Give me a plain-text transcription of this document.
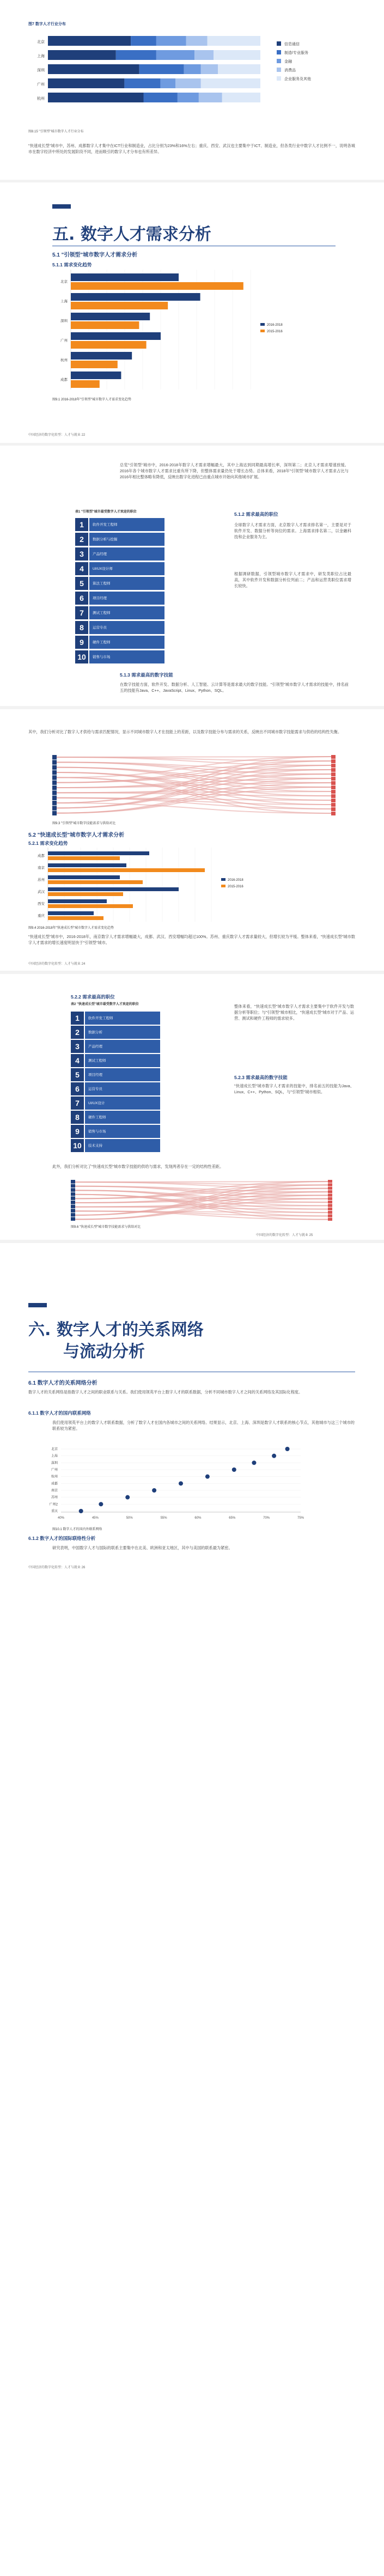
图7 数字人才行业分布
北京
上海
深圳
广州
杭州
信息通信
制造/专业服务
金融
消费品
企业服务及其他
图8.15 "引领型"城市数字人才行业分布
"快速成长型"城市中，苏州、成都数字人才集中在ICT行业和制造业，占比分别为23%和16%左右；重庆、西安、武汉也主要集中于ICT、制造业，但各类行业中数字人才比例不一，说明各城市在数字经济中所处的发展阶段不同，进而吸引的数字人才分布也有所差异。
五. 数字人才需求分析
5.1 "引领型"城市数字人才需求分析
5.1.1 需求变化趋势
北京
上海
深圳
广州
杭州
成都
2016-2018
2015-2016
图9.1 2016-2018年"引领型"城市数字人才需求变化趋势
中国经济的数字化转型：人才与就业 22
总览"引领型"城市中，2016-2018年数字人才需求增幅最大，其中上海达到同期最高增长率，深圳第二；北京人才需求增速放缓。2016年各个城市数字人才需求比重有所下降，但整体需求量仍处于增长态势。总体来看，2018年"引领型"城市数字人才需求占比与2016年相比整体略有降低，反映出数字化进程已由重点城市开始向其他城市扩展。
表1 "引领型"城市最受数字人才欢迎的职位
1	软件开发工程师
2	数据分析与挖掘
3	产品经理
4	UI/UX设计师
5	算法工程师
6	项目经理
7	测试工程师
8	运营专员
9	硬件工程师
10	销售与市场
5.1.2 需求最高的职位
全球数字人才需求方面，北京数字人才需求排名第一，主要是对于软件开发、数据分析等岗位的需求。上海需求排名第二，以金融科技和企业服务为主。
根据调研数据，引领型城市数字人才需求中，研发类职位占比最高，其中软件开发和数据分析位列前二；产品和运营类职位需求增长较快。
5.1.3 需求最高的数字技能
在数字技能方面，软件开发、数据分析、人工智能、云计算等是需求最大的数字技能。"引领型"城市数字人才需求的技能中，排名前五的技能有Java、C++、JavaScript、Linux、Python、SQL。
其中，我们分析对比了数字人才供给与需求匹配情况，显示不同城市数字人才在技能上的差距，以及数字技能分布与需求的关系，反映出不同城市数字技能需求与供给的结构性失衡。
图9.3 "引领型"城市数字技能需求与供给对比
5.2 "快速成长型"城市数字人才需求分析
5.2.1 需求变化趋势
成都
南京
苏州
武汉
西安
重庆
2016-2018
2015-2016
图9.4 2016-2018年"快速成长型"城市数字人才需求变化趋势
"快速成长型"城市中，2016-2018年，南京数字人才需求增幅最大，成都、武汉、西安增幅均超过100%。苏州、重庆数字人才需求量较大，但增长较为平缓。整体来看，"快速成长型"城市数字人才需求的增长速度明显快于"引领型"城市。
中国经济的数字化转型：人才与就业 24
5.2.2 需求最高的职位
表2 "快速成长型"城市最受数字人才欢迎的职位
1	软件开发工程师
2	数据分析
3	产品经理
4	测试工程师
5	项目经理
6	运营专员
7	UI/UX设计
8	硬件工程师
9	销售与市场
10	技术支持
整体来看，"快速成长型"城市数字人才需求主要集中于软件开发与数据分析等职位；与"引领型"城市相比，"快速成长型"城市对于产品、运营、测试和硬件工程师的需求较多。
5.2.3 需求最高的数字技能
"快速成长型"城市数字人才需求的技能中，排名前五的技能为Java、Linux、C++、Python、SQL，与"引领型"城市相似。
此外，我们分析对比了"快速成长型"城市数字技能的供给与需求，发现两者存在一定的结构性差距。
图9.6 "快速成长型"城市数字技能需求与供给对比
中国经济的数字化转型：人才与就业 25
六. 数字人才的关系网络
与流动分析
6.1 数字人才的关系网络分析
数字人才的关系网络是指数字人才之间的职业联系与关系。我们使用领英平台上数字人才的联系数据，分析不同城市数字人才之间的关系网络及其国际化程度。
6.1.1 数字人才的国内联系网络
我们使用领英平台上的数字人才联系数据，分析了数字人才在国内各城市之间的关系网络。结果显示，北京、上海、深圳是数字人才联系的核心节点，其他城市与这三个城市的联系较为紧密。
40%	45%	50%	55%	60%	65%	70%	75%
北京
上海
深圳
广州
杭州
成都
南京
苏州
广州2
重庆
图10.1 数字人才的国内外联系网络
6.1.2 数字人才的国际联络性分析
研究表明，中国数字人才与国际的联系主要集中在北美、欧洲和亚太地区，其中与美国的联系最为紧密。
中国经济的数字化转型：人才与就业 26
